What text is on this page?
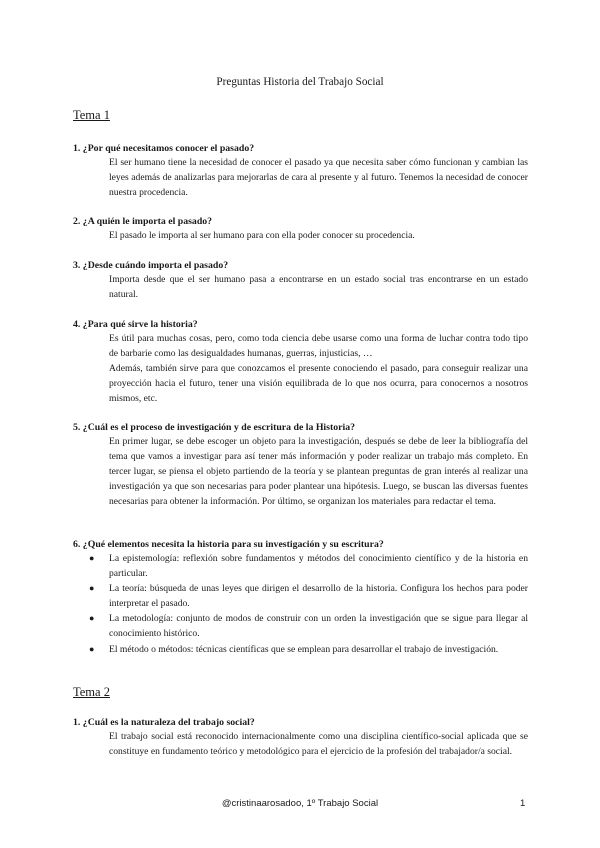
Preguntas Historia del Trabajo Social
Tema 1
1. ¿Por qué necesitamos conocer el pasado?

El ser humano tiene la necesidad de conocer el pasado ya que necesita saber cómo funcionan y cambian las leyes además de analizarlas para mejorarlas de cara al presente y al futuro. Tenemos la necesidad de conocer nuestra procedencia.

2. ¿A quién le importa el pasado?

El pasado le importa al ser humano para con ella poder conocer su procedencia.

3. ¿Desde cuándo importa el pasado?

Importa desde que el ser humano pasa a encontrarse en un estado social tras encontrarse en un estado natural.

4. ¿Para qué sirve la historia?

Es útil para muchas cosas, pero, como toda ciencia debe usarse como una forma de luchar contra todo tipo de barbarie como las desigualdades humanas, guerras, injusticias, …

Además, también sirve para que conozcamos el presente conociendo el pasado, para conseguir realizar una proyección hacia el futuro, tener una visión equilibrada de lo que nos ocurra, para conocernos a nosotros mismos, etc.

5. ¿Cuál es el proceso de investigación y de escritura de la Historia?

En primer lugar, se debe escoger un objeto para la investigación, después se debe de leer la bibliografía del tema que vamos a investigar para así tener más información y poder realizar un trabajo más completo. En tercer lugar, se piensa el objeto partiendo de la teoría y se plantean preguntas de gran interés al realizar una investigación ya que son necesarias para poder plantear una hipótesis. Luego, se buscan las diversas fuentes necesarias para obtener la información. Por último, se organizan los materiales para redactar el tema.

6. ¿Qué elementos necesita la historia para su investigación y su escritura?
● La epistemología: reflexión sobre fundamentos y métodos del conocimiento científico y de la historia en particular.
● La teoría: búsqueda de unas leyes que dirigen el desarrollo de la historia. Configura los hechos para poder interpretar el pasado.
● La metodología: conjunto de modos de construir con un orden la investigación que se sigue para llegar al conocimiento histórico.
● El método o métodos: técnicas científicas que se emplean para desarrollar el trabajo de investigación.
Tema 2
1. ¿Cuál es la naturaleza del trabajo social?

El trabajo social está reconocido internacionalmente como una disciplina científico-social aplicada que se constituye en fundamento teórico y metodológico para el ejercicio de la profesión del trabajador/a social.

@cristinaarosadoo, 1º Trabajo Social	1
